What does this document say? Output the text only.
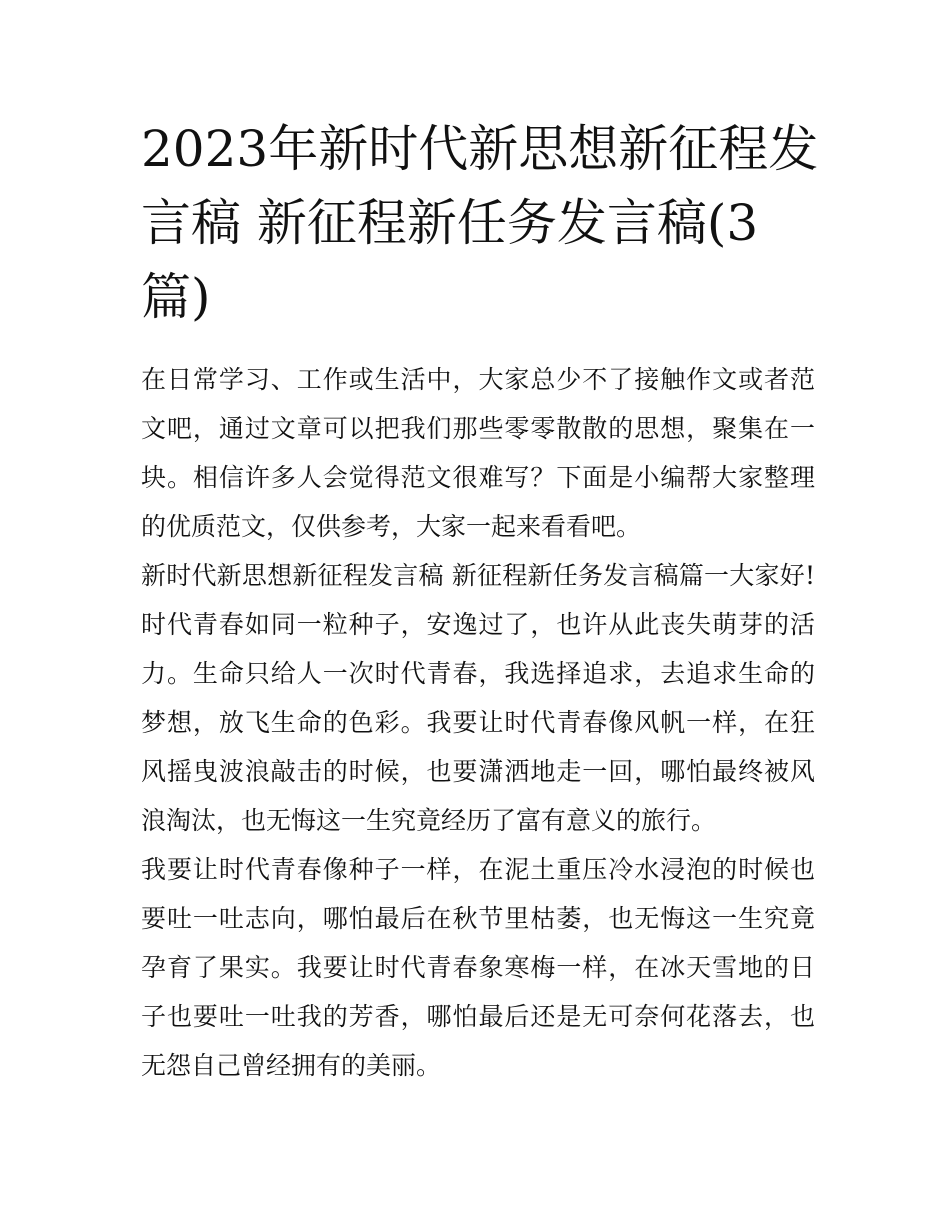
2023年新时代新思想新征程发言稿 新征程新任务发言稿(3篇)

在日常学习、工作或生活中，大家总少不了接触作文或者范文吧，通过文章可以把我们那些零零散散的思想，聚集在一块。相信许多人会觉得范文很难写？下面是小编帮大家整理的优质范文，仅供参考，大家一起来看看吧。

新时代新思想新征程发言稿 新征程新任务发言稿篇一大家好!时代青春如同一粒种子，安逸过了，也许从此丧失萌芽的活力。生命只给人一次时代青春，我选择追求，去追求生命的梦想，放飞生命的色彩。我要让时代青春像风帆一样，在狂风摇曳波浪敲击的时候，也要潇洒地走一回，哪怕最终被风浪淘汰，也无悔这一生究竟经历了富有意义的旅行。

我要让时代青春像种子一样，在泥土重压冷水浸泡的时候也要吐一吐志向，哪怕最后在秋节里枯萎，也无悔这一生究竟孕育了果实。我要让时代青春象寒梅一样，在冰天雪地的日子也要吐一吐我的芳香，哪怕最后还是无可奈何花落去，也无怨自己曾经拥有的美丽。
